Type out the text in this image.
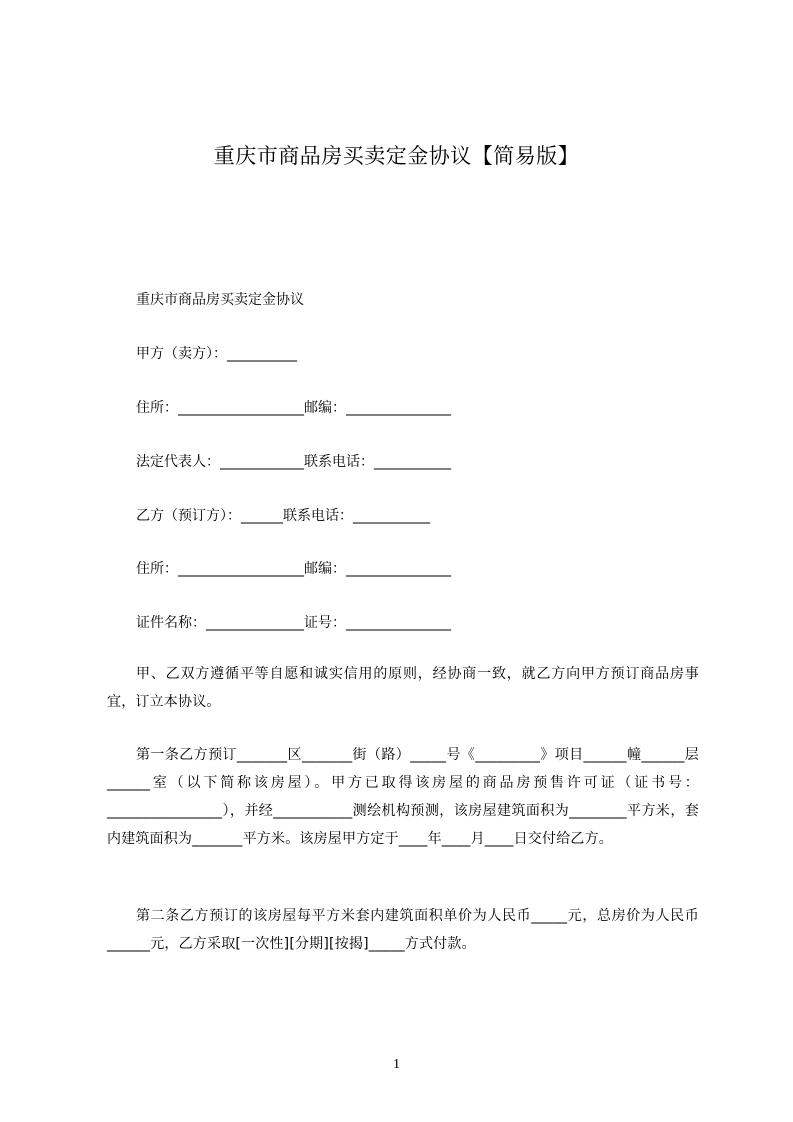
重庆市商品房买卖定金协议【简易版】
重庆市商品房买卖定金协议
甲方（卖方）：__________
住所：__________________邮编：_______________
法定代表人：____________联系电话：___________
乙方（预订方）：______联系电话：___________
住所：__________________邮编：_______________
证件名称：______________证号：_______________
甲、乙双方遵循平等自愿和诚实信用的原则，经协商一致，就乙方向甲方预订商品房事宜，订立本协议。
第一条乙方预订_______区_______街（路）_____号《_________》项目______幢______层______室（以下简称该房屋）。甲方已取得该房屋的商品房预售许可证（证书号：________________），并经___________测绘机构预测，该房屋建筑面积为________平方米，套内建筑面积为_______平方米。该房屋甲方定于____年____月____日交付给乙方。
第二条乙方预订的该房屋每平方米套内建筑面积单价为人民币_____元，总房价为人民币______元，乙方采取[一次性][分期][按揭]_____方式付款。
1
